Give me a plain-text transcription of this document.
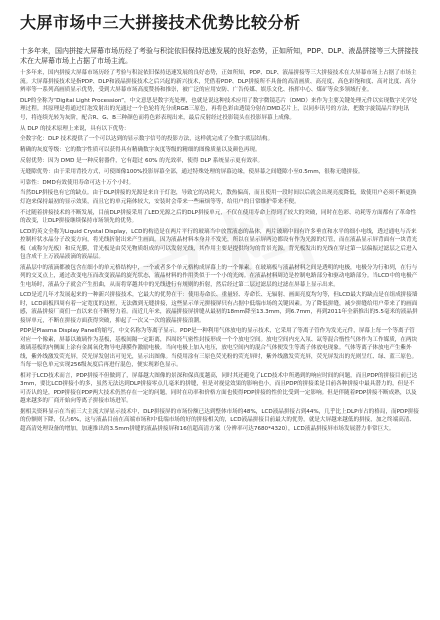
大屏市场中三大拼接技术优势比较分析
十多年来，国内拼接大屏幕市场历经了考验与积淀依旧保持迅速发展的良好态势，正如所知，PDP、DLP、液晶拼接等三大拼接技术在大屏幕市场上占据了市场主流。

十多年来，国内拼接大屏幕市场历经了考验与积淀依旧保持迅速发展的良好态势，正如所知，PDP、DLP、液晶拼接等三大拼接技术在大屏幕市场上占据了市场主流。大屏幕拼接技术是指PDP、DLP和液晶拼接技术之后兴起的新兴技术，凭借着PDP、DLP拼接所不具备的高清画质、高亮度、高色彩饱和度、高对比度、高分辨率等一系列高画质显示优势，受到大屏幕市场高度赞扬和推崇，被广泛的应用安防、广告传媒、娱乐文化、指挥中心、煤矿等众多领域行业。

DLP的全称为“Digital Light Procession”，中文意思是数字光处理，也就是说这种技术应用了数字微镜芯片（DMD）来作为主要关键处理元件以实现数字光学处理过程。其原理是将通过灯泡发射出的光通过一个色轮将光分成RGB三原色，再将色彩由透镜分射在DMD芯片上，以同步讯号的方法，把数字旋镜晶片的电讯号，将连续光转为灰阶，配合R、G、B三种颜色而将色彩表现出来，最后反射经过投影镜头在投影屏幕上成像。

从 DLP 的技术原理上来说，具有以下优势：

全数字化：DLP 技术提供了一个可以达到的显示数字信号的投影方法，这样就完成了全数字底层结构。

精确的灰度等级：它的数字性质可以获得具有精确数字灰度等级的精细的图像质量以及颜色再现。

反射优势：因为 DMD 是一种反射器件，它有超过 60% 的光效率，使得 DLP 系统显示更有效率。

无缝隙优势：由于采用背投方式，可使图像100%投影屏幕全部，通过特殊处理的屏幕边缘，使屏幕之间缝隙小至0.5mm，很称无缝拼接。

可靠性：DMD有效使用寿命可达十万个小时。

当然DLP拼接也有它的缺点。由于DLP拼接的光源是来自于灯泡，导致它的功耗大，散热偏高，而且使用一段时间以后就会出现亮度降低，致使用户必须不断更换灯泡来保持最初的显示效果，而且它的单元箱体较大，安装时会带来一些麻烦等等，给用户的日常维护带来不便。

不过随着拼接技术的不断发展，目前DLP拼接采用了LED光源之后的DLP拼接单元，不仅在使用寿命上得到了较大的突破，同时在色彩、功耗等方面都有了革命性的改变，让DLP拼接继续保持市场领先的优势。

LCD的英文全称为Liquid Crystal Display，LCD的构造是在两片平行的玻璃当中放置液态的晶体，两片玻璃中间有许多垂直和水平的细小电线，透过通电与否来控制杆状水晶分子改变方向，将光线折射出来产生画面。因为液晶材料本身并不发光，所以在显示屏两边都设有作为光源的灯管，而在液晶显示屏背面有一块背光板（或称匀光板）和反光膜，背光板是由荧光物质组成的可以发射光线，其作用主要是提供均匀的背景光源。背光板发出的光线在穿过第一层偏振过滤层之后进入包含成千上万液晶液滴的液晶层。

液晶层中的液滴都被包含在细小的单元格结构中，一个或者多个单元格构成屏幕上的一个像素。在玻璃板与液晶材料之间是透明的电极，电极分为行和列，在行与列的交叉点上，通过改变电压而改变液晶的旋光状态，液晶材料的作用类似于一个小的光阀。在液晶材料周边是控制电路部分和驱动电路部分。当LCD中的电极产生电场时，液晶分子就会产生扭曲，从而将穿越其中的光线进行有规则的折射，然后经过第二层过滤层的过滤在屏幕上显示出来。

LCD是近几年才发展起来的一种新兴拼接技术，它最大的优势在于：使用寿命长、重量轻、寿命长、无辐射、画面亮度均匀等，但LCD最大的缺点是在组成拼接墙时，LCD面板四周有着一定宽度的边框，无法做到无缝拼接，这些显示单元拼接屏只有占据中低端市场的关键因素。为了降低拼缝，减少拼缝给用户带来了的画面感，液晶拼接厂商们一直以来在不断努力着。而近几年来，液晶拼接屏拼缝从最初的18mm降至13.3mm，到6.7mm，再到2011年全新推出的5.5毫米的液晶拼接屏单元，不断在拼接方面获得突破，抑起了一次又一次的液晶拼接浪潮。

PDP是Plasma Display Panel的缩写，中文名称为等离子显示。PDP是一种利用气体放电的显示技术，它采用了等离子管作为发光元件，屏幕上每一个等离子管对应一个像素，屏幕以玻璃作为基板，基板间隔一定距离，四周经气密性封接形成一个个放电空间。放电空间内充入氖、氙等混合惰性气体作为工作媒质，在两块玻璃基板的内侧面上涂有金属氧化物导电薄膜作激励电极。当向电极上加入电压，放电空间内的混合气体便发生等离子体放电现象。气体等离子体放电产生紫外线，紫外线激发荧光屏，荧光屏发射出可见光，显示出图像。当使用涂有三原色荧光粉的荧光屏时，紫外线激发荧光屏，荧光屏发出的光则呈红、绿、蓝三原色。当每一原色单元实现256级灰度后再进行混色，便实现彩色显示。

相对于LCD技术而言，PDP拼接不但做到了，屏幕越大图像的景深和保真度越高，同时其还避免了LCD技术中所遇到的响应时间的问题，而且PDP的拼接目前已达3mm，要比LCD拼接小的多，虽然无法达到DLP拼接零点几毫米的拼缝，但是对视觉效果的影响也小，而且PDP的拼接柔是目前各种拼接中最具潜力的，但是不可否认的是，PDP拼接在PDP两大技术仍然存在一定的问题，同时在功率和价格方面也使得PDP拼接的性价比受到一定影响。但是伴随着PDP拼接不断成熟，以及越来越多的厂商开始向等离子拼接市场进军。

据相关资料显示在当前三大主流大屏显示技术中，DLP拼接屏的市场份额已达到整体市场的48%，LCD液晶拼接占到44%，几乎比上DLP市占的格局，而PDP拼接的份额则下降，仅占6%，这与液晶目前在高端市场和中低端市场的好的拼接相关的，LCD液晶拼接目前最大的优势，就是大屏越来越低的拼接，加之终端高清、超高清处理设备的增加，加速推出的3.5mm拼缝的液晶拼接屏和16倍超高清方案（分辨率可达7680*4320），LCD液晶拼接屏市场发展潜力非常巨大。
